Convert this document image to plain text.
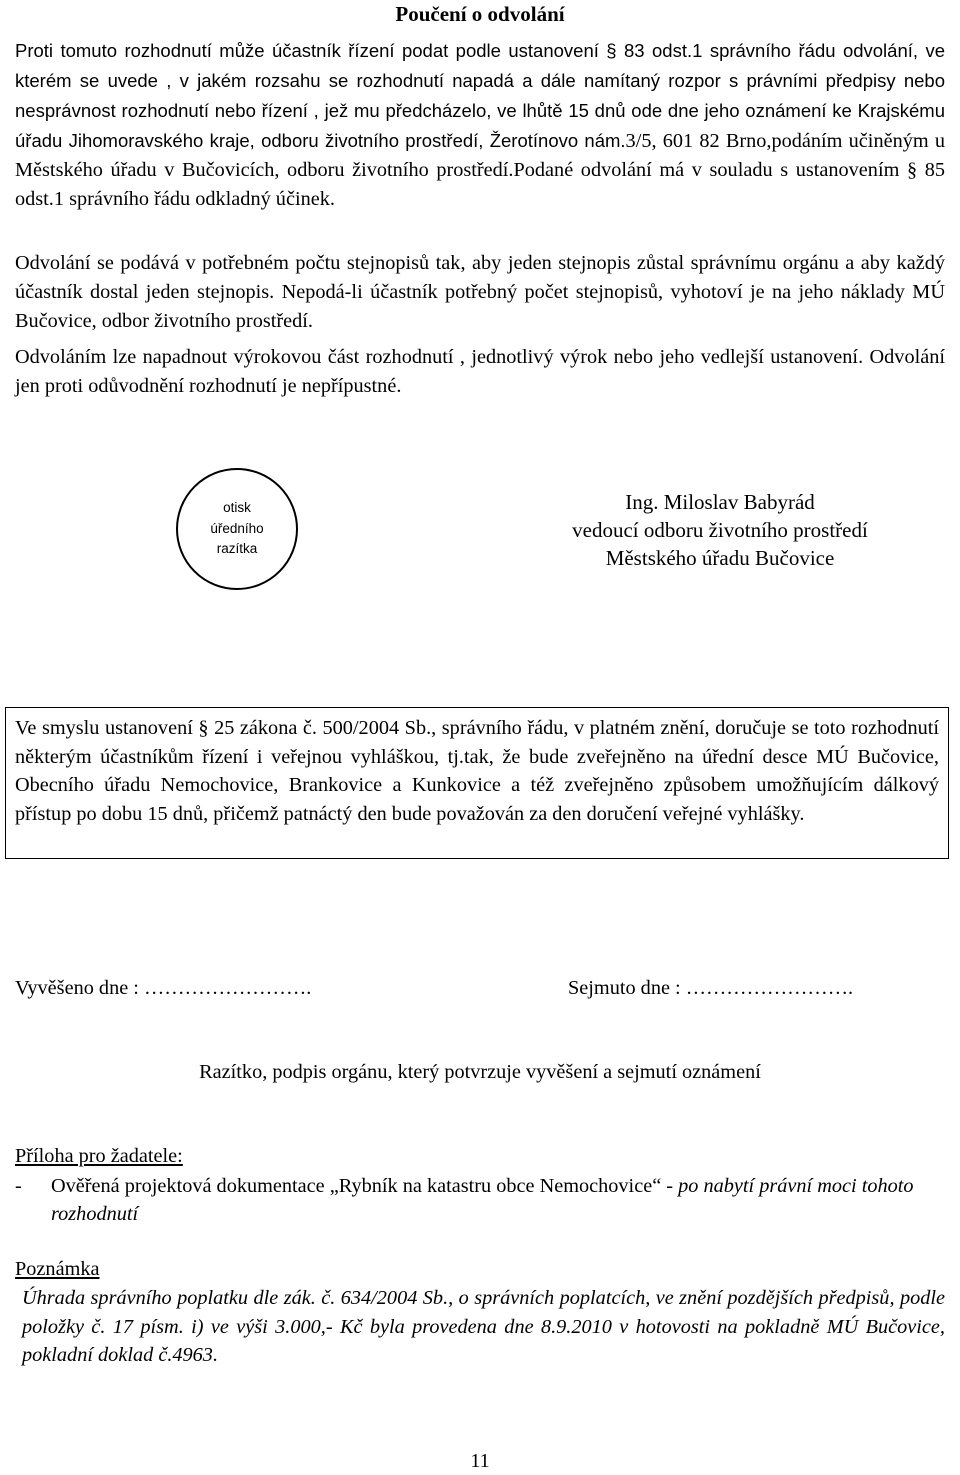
Poučení o odvolání

Proti tomuto rozhodnutí může účastník řízení podat podle ustanovení § 83 odst.1 správního řádu odvolání, ve kterém se uvede , v jakém rozsahu se rozhodnutí napadá a dále namítaný rozpor s právními předpisy nebo nesprávnost rozhodnutí nebo řízení , jež mu předcházelo, ve lhůtě 15 dnů ode dne jeho oznámení ke Krajskému úřadu Jihomoravského kraje, odboru životního prostředí, Žerotínovo nám.3/5, 601 82 Brno,podáním učiněným u Městského úřadu v Bučovicích, odboru životního prostředí.Podané odvolání má v souladu s ustanovením § 85 odst.1 správního řádu odkladný účinek.

Odvolání se podává v potřebném počtu stejnopisů tak, aby jeden stejnopis zůstal správnímu orgánu a aby každý účastník dostal jeden stejnopis. Nepodá-li účastník potřebný počet stejnopisů, vyhotoví je na jeho náklady MÚ Bučovice, odbor životního prostředí.

Odvoláním lze napadnout výrokovou část rozhodnutí , jednotlivý výrok nebo jeho vedlejší ustanovení. Odvolání jen proti odůvodnění rozhodnutí je nepřípustné.

otisk
úředního
razítka
Ing. Miloslav Babyrád
vedoucí odboru životního prostředí
Městského úřadu Bučovice

Ve smyslu ustanovení § 25 zákona č. 500/2004 Sb., správního řádu, v platném znění, doručuje se toto rozhodnutí některým účastníkům řízení i veřejnou vyhláškou, tj.tak, že bude zveřejněno na úřední desce MÚ Bučovice, Obecního úřadu Nemochovice, Brankovice a Kunkovice a též zveřejněno způsobem umožňujícím dálkový přístup po dobu 15 dnů, přičemž patnáctý den bude považován za den doručení veřejné vyhlášky.

Vyvěšeno dne : …………………….	Sejmuto dne : …………………….
Razítko, podpis orgánu, který potvrzuje vyvěšení a sejmutí oznámení
Příloha pro žadatele:
- Ověřená projektová dokumentace „Rybník na katastru obce Nemochovice“ - po nabytí právní moci tohoto rozhodnutí
Poznámka

Úhrada správního poplatku dle zák. č. 634/2004 Sb., o správních poplatcích, ve znění pozdějších předpisů, podle položky č. 17 písm. i) ve výši 3.000,- Kč byla provedena dne 8.9.2010 v hotovosti na pokladně MÚ Bučovice, pokladní doklad č.4963.

11
